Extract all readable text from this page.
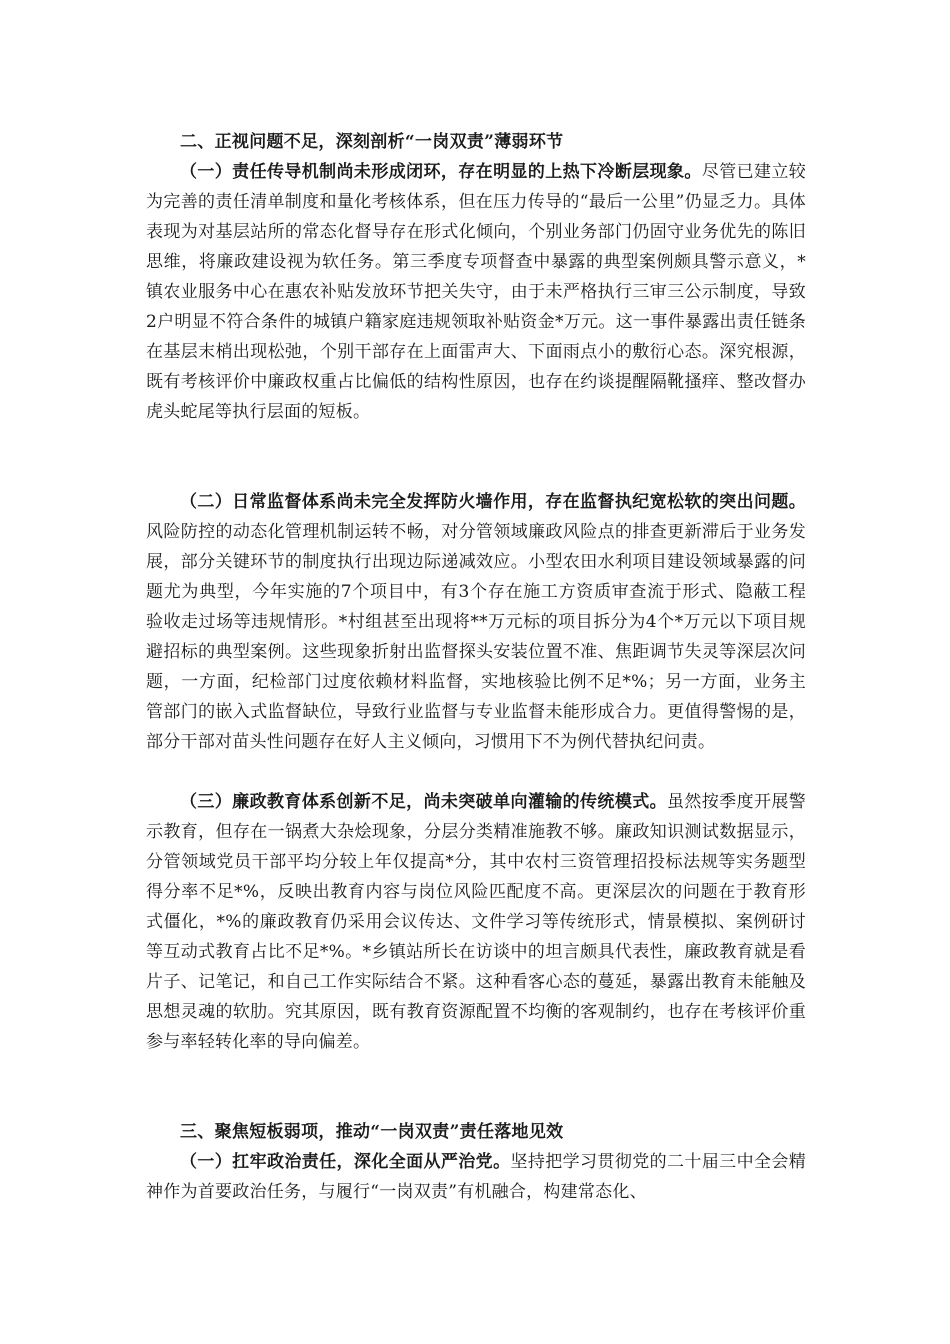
二、正视问题不足，深刻剖析“一岗双责”薄弱环节

（一）责任传导机制尚未形成闭环，存在明显的上热下冷断层现象。尽管已建立较为完善的责任清单制度和量化考核体系，但在压力传导的“最后一公里”仍显乏力。具体表现为对基层站所的常态化督导存在形式化倾向，个别业务部门仍固守业务优先的陈旧思维，将廉政建设视为软任务。第三季度专项督查中暴露的典型案例颇具警示意义，*镇农业服务中心在惠农补贴发放环节把关失守，由于未严格执行三审三公示制度，导致2户明显不符合条件的城镇户籍家庭违规领取补贴资金*万元。这一事件暴露出责任链条在基层末梢出现松弛，个别干部存在上面雷声大、下面雨点小的敷衍心态。深究根源，既有考核评价中廉政权重占比偏低的结构性原因，也存在约谈提醒隔靴搔痒、整改督办虎头蛇尾等执行层面的短板。

（二）日常监督体系尚未完全发挥防火墙作用，存在监督执纪宽松软的突出问题。风险防控的动态化管理机制运转不畅，对分管领域廉政风险点的排查更新滞后于业务发展，部分关键环节的制度执行出现边际递减效应。小型农田水利项目建设领域暴露的问题尤为典型，今年实施的7个项目中，有3个存在施工方资质审查流于形式、隐蔽工程验收走过场等违规情形。*村组甚至出现将**万元标的项目拆分为4个*万元以下项目规避招标的典型案例。这些现象折射出监督探头安装位置不准、焦距调节失灵等深层次问题，一方面，纪检部门过度依赖材料监督，实地核验比例不足*%；另一方面，业务主管部门的嵌入式监督缺位，导致行业监督与专业监督未能形成合力。更值得警惕的是，部分干部对苗头性问题存在好人主义倾向，习惯用下不为例代替执纪问责。

（三）廉政教育体系创新不足，尚未突破单向灌输的传统模式。虽然按季度开展警示教育，但存在一锅煮大杂烩现象，分层分类精准施教不够。廉政知识测试数据显示，分管领域党员干部平均分较上年仅提高*分，其中农村三资管理招投标法规等实务题型得分率不足*%，反映出教育内容与岗位风险匹配度不高。更深层次的问题在于教育形式僵化，*%的廉政教育仍采用会议传达、文件学习等传统形式，情景模拟、案例研讨等互动式教育占比不足*%。*乡镇站所长在访谈中的坦言颇具代表性，廉政教育就是看片子、记笔记，和自己工作实际结合不紧。这种看客心态的蔓延，暴露出教育未能触及思想灵魂的软肋。究其原因，既有教育资源配置不均衡的客观制约，也存在考核评价重参与率轻转化率的导向偏差。

三、聚焦短板弱项，推动“一岗双责”责任落地见效

（一）扛牢政治责任，深化全面从严治党。坚持把学习贯彻党的二十届三中全会精神作为首要政治任务，与履行“一岗双责”有机融合，构建常态化、
